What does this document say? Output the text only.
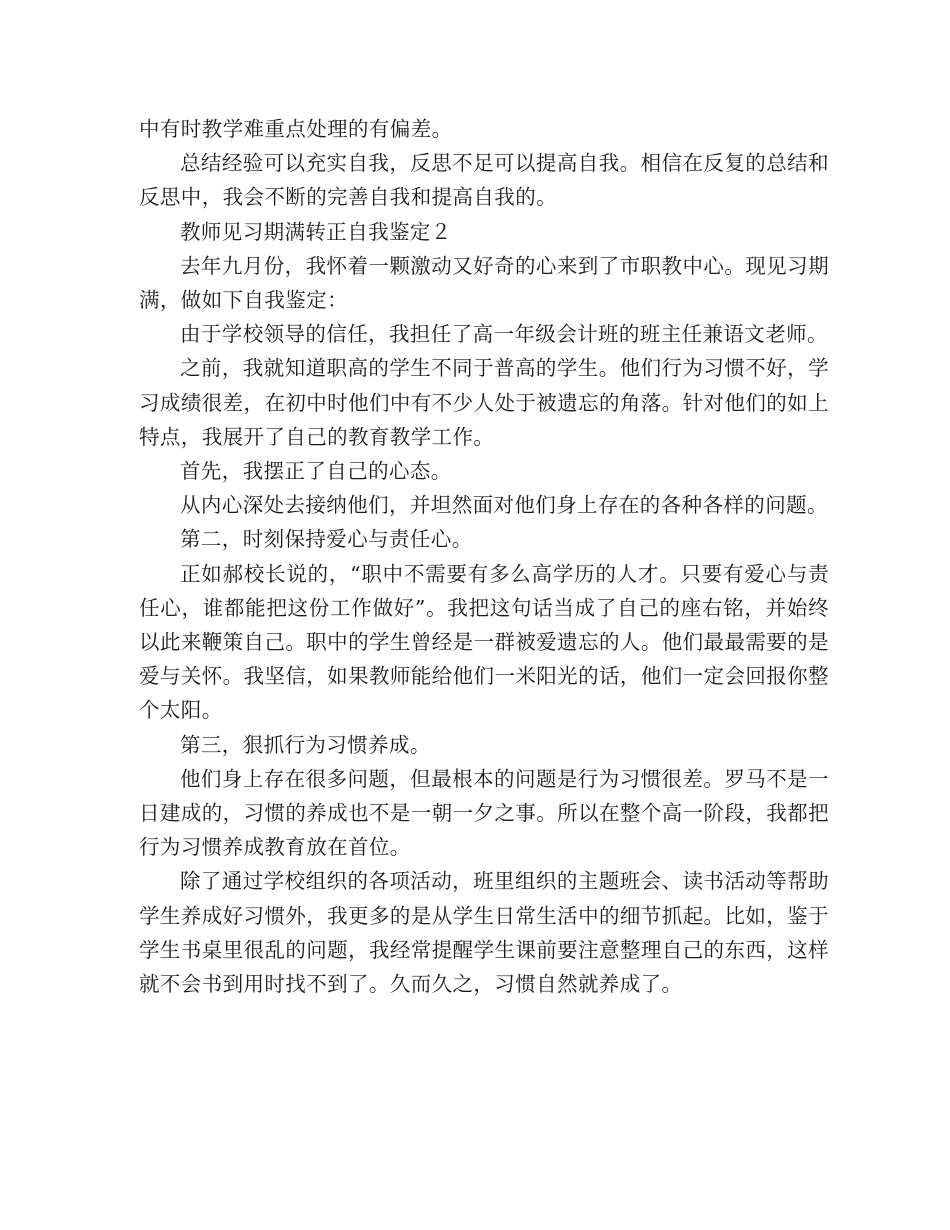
中有时教学难重点处理的有偏差。

总结经验可以充实自我，反思不足可以提高自我。相信在反复的总结和反思中，我会不断的完善自我和提高自我的。

教师见习期满转正自我鉴定２

去年九月份，我怀着一颗激动又好奇的心来到了市职教中心。现见习期满，做如下自我鉴定：

由于学校领导的信任，我担任了高一年级会计班的班主任兼语文老师。

之前，我就知道职高的学生不同于普高的学生。他们行为习惯不好，学习成绩很差，在初中时他们中有不少人处于被遗忘的角落。针对他们的如上特点，我展开了自己的教育教学工作。

首先，我摆正了自己的心态。

从内心深处去接纳他们，并坦然面对他们身上存在的各种各样的问题。

第二，时刻保持爱心与责任心。

正如郝校长说的，“职中不需要有多么高学历的人才。只要有爱心与责任心，谁都能把这份工作做好”。我把这句话当成了自己的座右铭，并始终以此来鞭策自己。职中的学生曾经是一群被爱遗忘的人。他们最最需要的是爱与关怀。我坚信，如果教师能给他们一米阳光的话，他们一定会回报你整个太阳。

第三，狠抓行为习惯养成。

他们身上存在很多问题，但最根本的问题是行为习惯很差。罗马不是一日建成的，习惯的养成也不是一朝一夕之事。所以在整个高一阶段，我都把行为习惯养成教育放在首位。

除了通过学校组织的各项活动，班里组织的主题班会、读书活动等帮助学生养成好习惯外，我更多的是从学生日常生活中的细节抓起。比如，鉴于学生书桌里很乱的问题，我经常提醒学生课前要注意整理自己的东西，这样就不会书到用时找不到了。久而久之，习惯自然就养成了。
